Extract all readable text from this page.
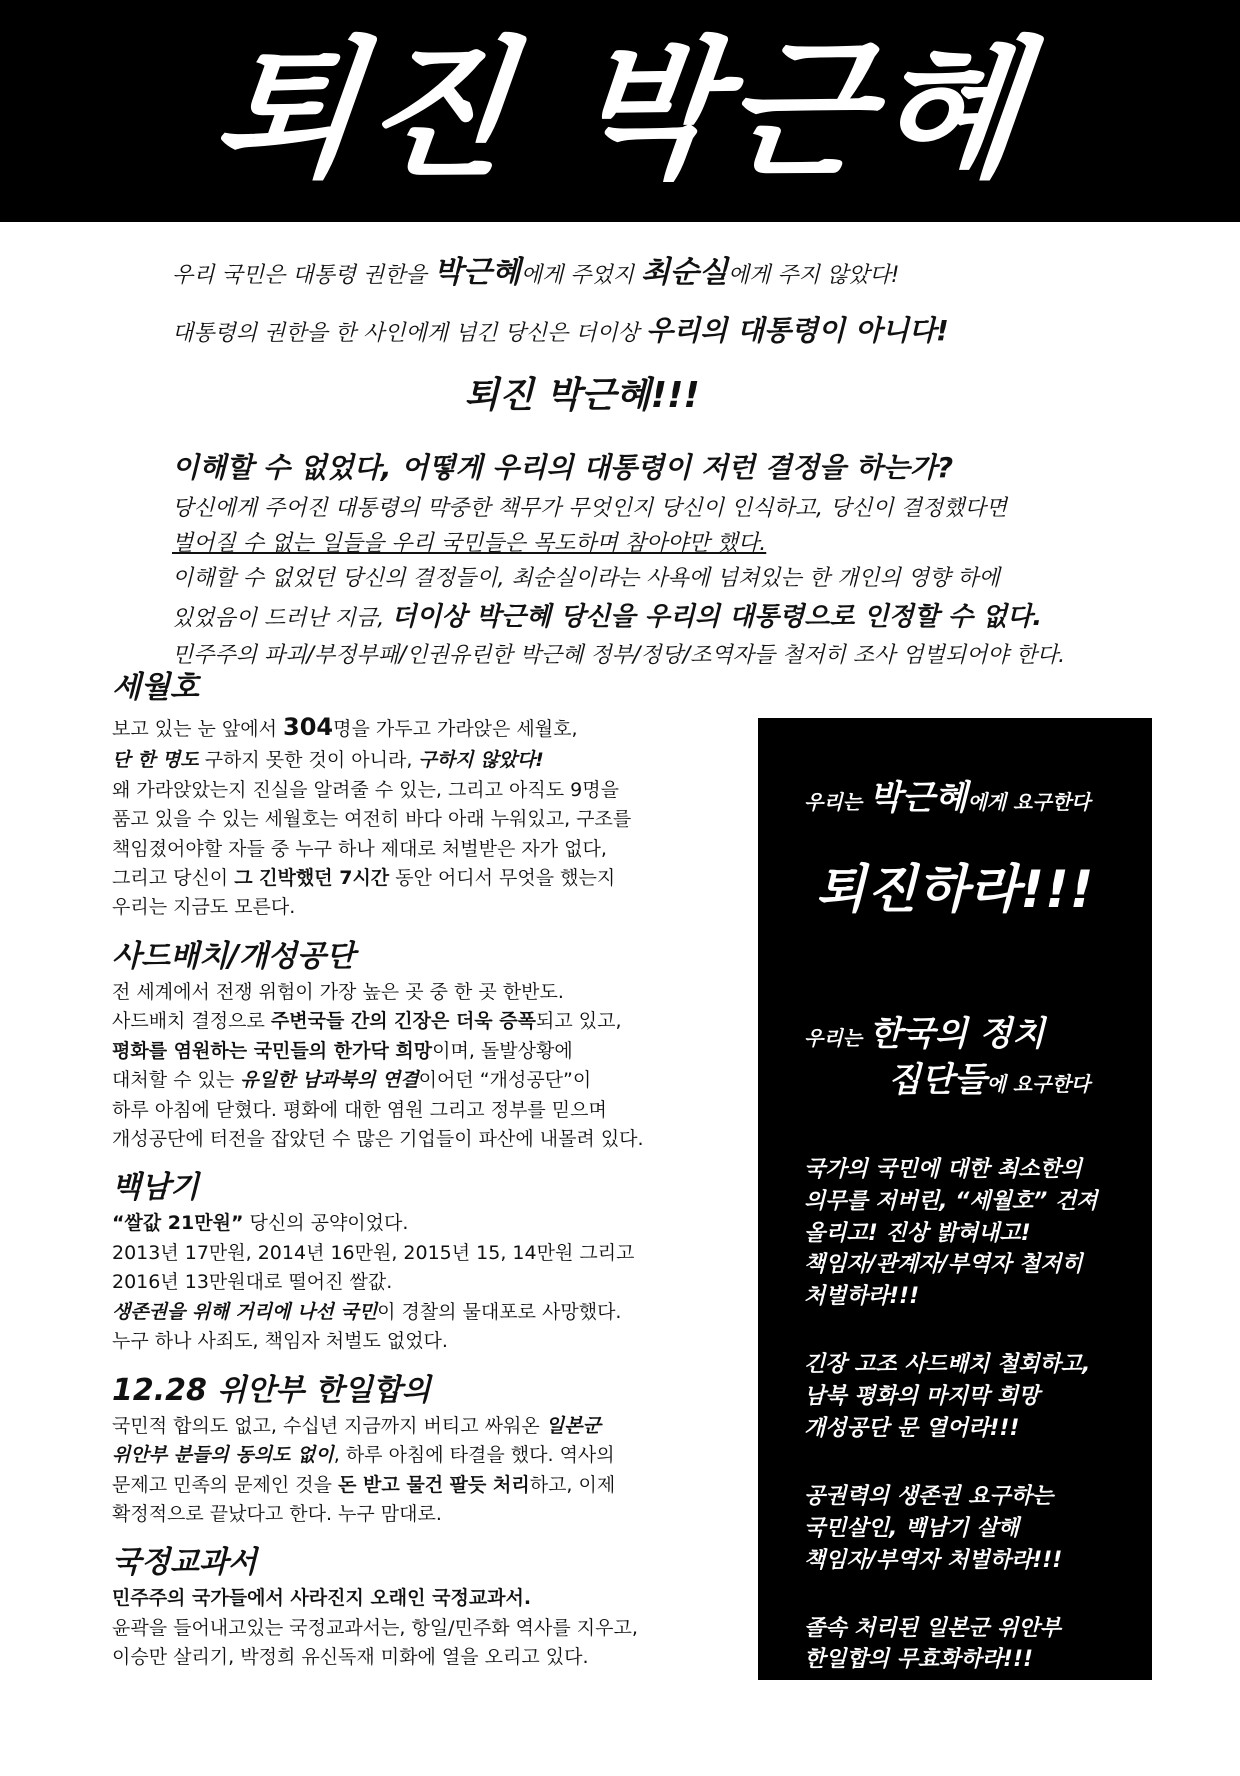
퇴진 박근혜

우리 국민은 대통령 권한을 박근혜에게 주었지 최순실에게 주지 않았다!

대통령의 권한을 한 사인에게 넘긴 당신은 더이상 우리의 대통령이 아니다!

퇴진 박근혜!!!

이해할 수 없었다, 어떻게 우리의 대통령이 저런 결정을 하는가?

당신에게 주어진 대통령의 막중한 책무가 무엇인지 당신이 인식하고, 당신이 결정했다면

벌어질 수 없는 일들을 우리 국민들은 목도하며 참아야만 했다.

이해할 수 없었던 당신의 결정들이, 최순실이라는 사욕에 넘쳐있는 한 개인의 영향 하에

있었음이 드러난 지금, 더이상 박근혜 당신을 우리의 대통령으로 인정할 수 없다.

민주주의 파괴/부정부패/인권유린한 박근혜 정부/정당/조역자들 철저히 조사 엄벌되어야 한다.

세월호

보고 있는 눈 앞에서 304명을 가두고 가라앉은 세월호,

단 한 명도 구하지 못한 것이 아니라, 구하지 않았다!

왜 가라앉았는지 진실을 알려줄 수 있는, 그리고 아직도 9명을

품고 있을 수 있는 세월호는 여전히 바다 아래 누워있고, 구조를

책임졌어야할 자들 중 누구 하나 제대로 처벌받은 자가 없다,

그리고 당신이 그 긴박했던 7시간 동안 어디서 무엇을 했는지

우리는 지금도 모른다.

사드배치/개성공단

전 세계에서 전쟁 위험이 가장 높은 곳 중 한 곳 한반도.

사드배치 결정으로 주변국들 간의 긴장은 더욱 증폭되고 있고,

평화를 염원하는 국민들의 한가닥 희망이며, 돌발상황에

대처할 수 있는 유일한 남과북의 연결이어던 “개성공단”이

하루 아침에 닫혔다. 평화에 대한 염원 그리고 정부를 믿으며

개성공단에 터전을 잡았던 수 많은 기업들이 파산에 내몰려 있다.

백남기

“쌀값 21만원” 당신의 공약이었다.

2013년 17만원, 2014년 16만원, 2015년 15, 14만원 그리고

2016년 13만원대로 떨어진 쌀값.

생존권을 위해 거리에 나선 국민이 경찰의 물대포로 사망했다.

누구 하나 사죄도, 책임자 처벌도 없었다.

12.28 위안부 한일합의

국민적 합의도 없고, 수십년 지금까지 버티고 싸워온 일본군

위안부 분들의 동의도 없이, 하루 아침에 타결을 했다. 역사의

문제고 민족의 문제인 것을 돈 받고 물건 팔듯 처리하고, 이제

확정적으로 끝났다고 한다. 누구 맘대로.

국정교과서

민주주의 국가들에서 사라진지 오래인 국정교과서.

윤곽을 들어내고있는 국정교과서는, 항일/민주화 역사를 지우고,

이승만 살리기, 박정희 유신독재 미화에 열을 오리고 있다.

우리는 박근혜에게 요구한다

퇴진하라!!!
우리는 한국의 정치
집단들에 요구한다

국가의 국민에 대한 최소한의

의무를 저버린, “세월호” 건져

올리고! 진상 밝혀내고!

책임자/관계자/부역자 철저히

처벌하라!!!

긴장 고조 사드배치 철회하고,

남북 평화의 마지막 희망

개성공단 문 열어라!!!

공권력의 생존권 요구하는

국민살인, 백남기 살해

책임자/부역자 처벌하라!!!

졸속 처리된 일본군 위안부

한일합의 무효화하라!!!

민주주의 역행, 역사 왜곡

국정교과서 폐지하라!!!
